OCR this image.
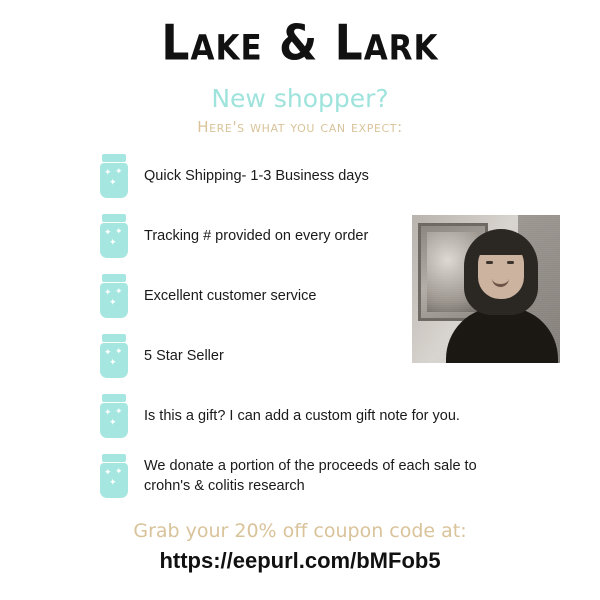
Lake & Lark
New shopper?
Here's what you can expect:
✦ ✦
✦ Quick Shipping- 1-3 Business days
✦ ✦
✦ Tracking # provided on every order
✦ ✦
✦ Excellent customer service
✦ ✦
✦ 5 Star Seller
✦ ✦
✦ Is this a gift? I can add a custom gift note for you.
✦ ✦
✦
We donate a portion of the proceeds of each sale to crohn's & colitis research
Grab your 20% off coupon code at:
https://eepurl.com/bMFob5
